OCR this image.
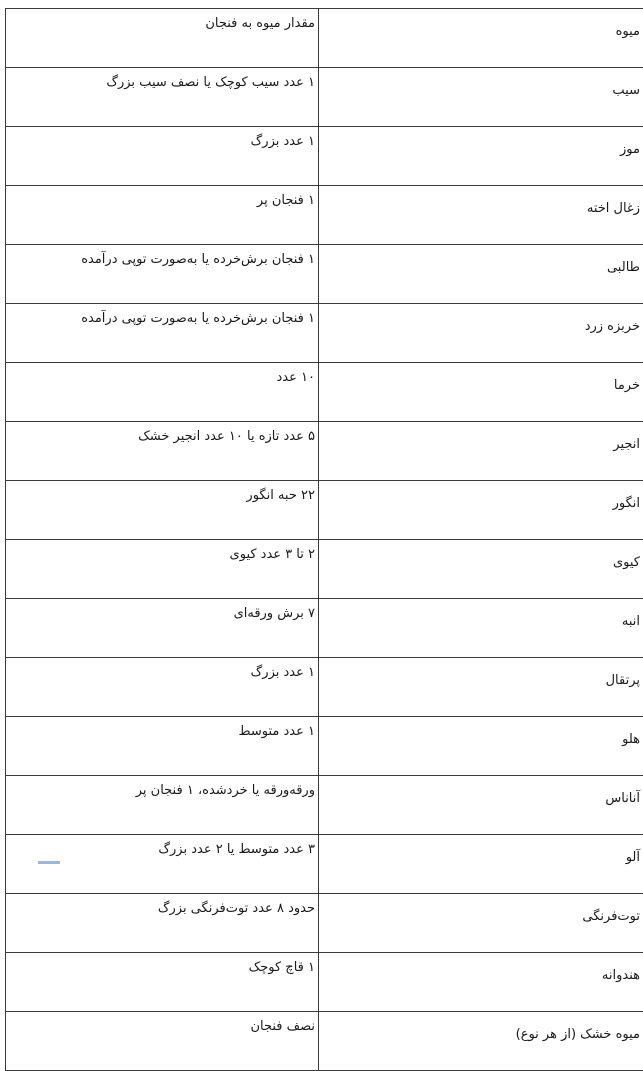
میوه	مقدار میوه به فنجان
سیب	۱ عدد سیب کوچک یا نصف سیب بزرگ
موز	۱ عدد بزرگ
زغال اخته	۱ فنجان پر
طالبی	۱ فنجان برش‌خرده یا به‌صورت توپی درآمده
خربزه زرد	۱ فنجان برش‌خرده یا به‌صورت توپی درآمده
خرما	۱۰ عدد
انجیر	۵ عدد تازه یا ۱۰ عدد انجیر خشک
انگور	۲۲ حبه انگور
کیوی	۲ تا ۳ عدد کیوی
انبه	۷ برش ورقه‌ای
پرتقال	۱ عدد بزرگ
هلو	۱ عدد متوسط
آناناس	ورقه‌ورقه یا خردشده، ۱ فنجان پر
آلو	۳ عدد متوسط یا ۲ عدد بزرگ
توت‌فرنگی	حدود ۸ عدد توت‌فرنگی بزرگ
هندوانه	۱ قاچ کوچک
میوه خشک (از هر نوع)	نصف فنجان
